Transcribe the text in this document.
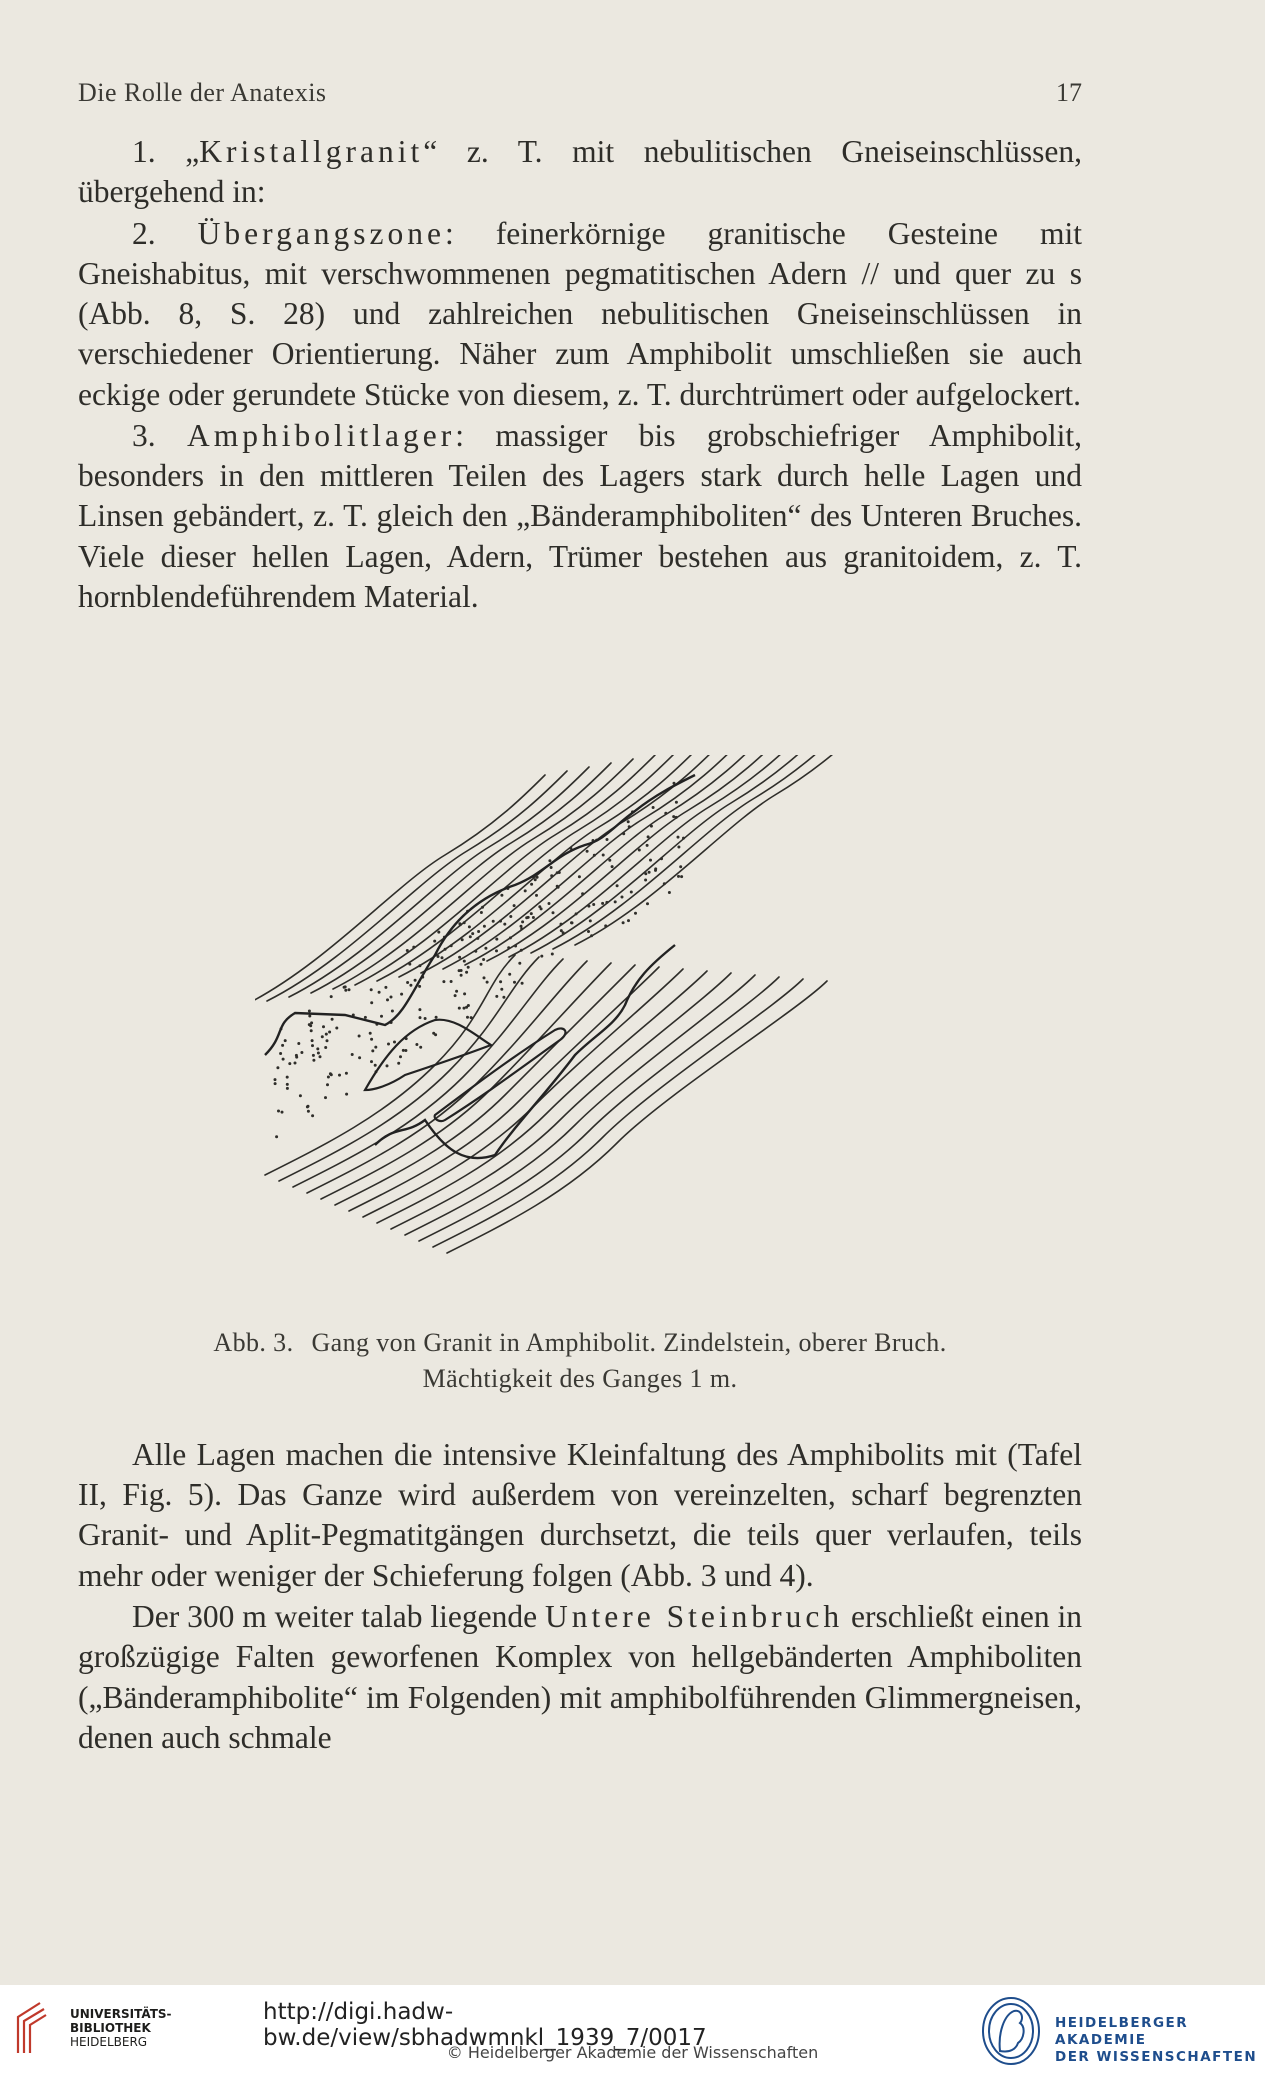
Die Rolle der Anatexis	17

1. „Kristallgranit“ z. T. mit nebulitischen Gneiseinschlüssen, übergehend in:

2. Übergangszone: feinerkörnige granitische Gesteine mit Gneishabitus, mit verschwommenen pegmatitischen Adern // und quer zu s (Abb. 8, S. 28) und zahlreichen nebulitischen Gneiseinschlüssen in verschiedener Orientierung. Näher zum Amphibolit umschließen sie auch eckige oder gerundete Stücke von diesem, z. T. durchtrümert oder aufgelockert.

3. Amphibolitlager: massiger bis grobschiefriger Amphibolit, besonders in den mittleren Teilen des Lagers stark durch helle Lagen und Linsen gebändert, z. T. gleich den „Bänderamphiboliten“ des Unteren Bruches. Viele dieser hellen Lagen, Adern, Trümer bestehen aus granitoidem, z. T. hornblendeführendem Material.

Abb. 3. Gang von Granit in Amphibolit. Zindelstein, oberer Bruch.
Mächtigkeit des Ganges 1 m.

Alle Lagen machen die intensive Kleinfaltung des Amphibolits mit (Tafel II, Fig. 5). Das Ganze wird außerdem von vereinzelten, scharf begrenzten Granit- und Aplit-Pegmatitgängen durchsetzt, die teils quer verlaufen, teils mehr oder weniger der Schieferung folgen (Abb. 3 und 4).

Der 300 m weiter talab liegende Untere Steinbruch erschließt einen in großzügige Falten geworfenen Komplex von hellgebänderten Amphiboliten („Bänderamphibolite“ im Folgenden) mit amphibolführenden Glimmergneisen, denen auch schmale

UNIVERSITÄTS-
BIBLIOTHEK
HEIDELBERG
http://digi.hadw-bw.de/view/sbhadwmnkl_1939_7/0017
© Heidelberger Akademie der Wissenschaften
HEIDELBERGER AKADEMIE
DER WISSENSCHAFTEN
